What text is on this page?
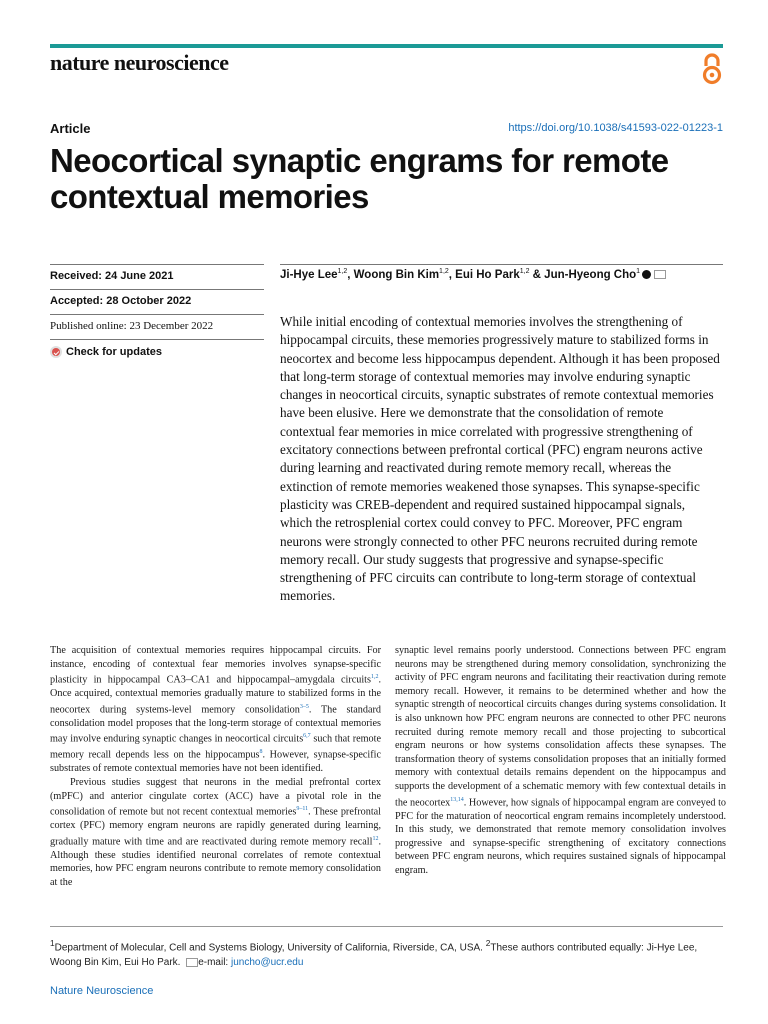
nature neuroscience
Article	https://doi.org/10.1038/s41593-022-01223-1
Neocortical synaptic engrams for remote contextual memories
Received: 24 June 2021
Accepted: 28 October 2022
Published online: 23 December 2022
Check for updates
Ji-Hye Lee$^{1,2}$, Woong Bin Kim$^{1,2}$, Eui Ho Park$^{1,2}$ & Jun-Hyeong Cho$^1$

While initial encoding of contextual memories involves the strengthening of hippocampal circuits, these memories progressively mature to stabilized forms in neocortex and become less hippocampus dependent. Although it has been proposed that long-term storage of contextual memories may involve enduring synaptic changes in neocortical circuits, synaptic substrates of remote contextual memories have been elusive. Here we demonstrate that the consolidation of remote contextual fear memories in mice correlated with progressive strengthening of excitatory connections between prefrontal cortical (PFC) engram neurons active during learning and reactivated during remote memory recall, whereas the extinction of remote memories weakened those synapses. This synapse-specific plasticity was CREB-dependent and required sustained hippocampal signals, which the retrosplenial cortex could convey to PFC. Moreover, PFC engram neurons were strongly connected to other PFC neurons recruited during remote memory recall. Our study suggests that progressive and synapse-specific strengthening of PFC circuits can contribute to long-term storage of contextual memories.

The acquisition of contextual memories requires hippocampal circuits. For instance, encoding of contextual fear memories involves synapse-specific plasticity in hippocampal CA3–CA1 and hippocampal–amygdala circuits$^{1,2}$. Once acquired, contextual memories gradually mature to stabilized forms in the neocortex during systems-level memory consolidation$^{3-5}$. The standard consolidation model proposes that the long-term storage of contextual memories may involve enduring synaptic changes in neocortical circuits$^{6,7}$ such that remote memory recall depends less on the hippocampus$^8$. However, synapse-specific substrates of remote contextual memories have not been identified.

Previous studies suggest that neurons in the medial prefrontal cortex (mPFC) and anterior cingulate cortex (ACC) have a pivotal role in the consolidation of remote but not recent contextual memories$^{9-11}$. These prefrontal cortex (PFC) memory engram neurons are rapidly generated during learning, gradually mature with time and are reactivated during remote memory recall$^{12}$. Although these studies identified neuronal correlates of remote contextual memories, how PFC engram neurons contribute to remote memory consolidation at the

synaptic level remains poorly understood. Connections between PFC engram neurons may be strengthened during memory consolidation, synchronizing the activity of PFC engram neurons and facilitating their reactivation during remote memory recall. However, it remains to be determined whether and how the synaptic strength of neocortical circuits changes during systems consolidation. It is also unknown how PFC engram neurons are connected to other PFC neurons recruited during remote memory recall and those projecting to subcortical engram neurons or how systems consolidation affects these synapses. The transformation theory of systems consolidation proposes that an initially formed memory with contextual details remains dependent on the hippocampus and supports the development of a schematic memory with few contextual details in the neocortex$^{13,14}$. However, how signals of hippocampal engram are conveyed to PFC for the maturation of neocortical engram remains incompletely understood. In this study, we demonstrated that remote memory consolidation involves progressive and synapse-specific strengthening of excitatory connections between PFC engram neurons, which requires sustained signals of hippocampal engram.

$^1$Department of Molecular, Cell and Systems Biology, University of California, Riverside, CA, USA. $^2$These authors contributed equally: Ji-Hye Lee, Woong Bin Kim, Eui Ho Park. e-mail: juncho@ucr.edu

Nature Neuroscience
